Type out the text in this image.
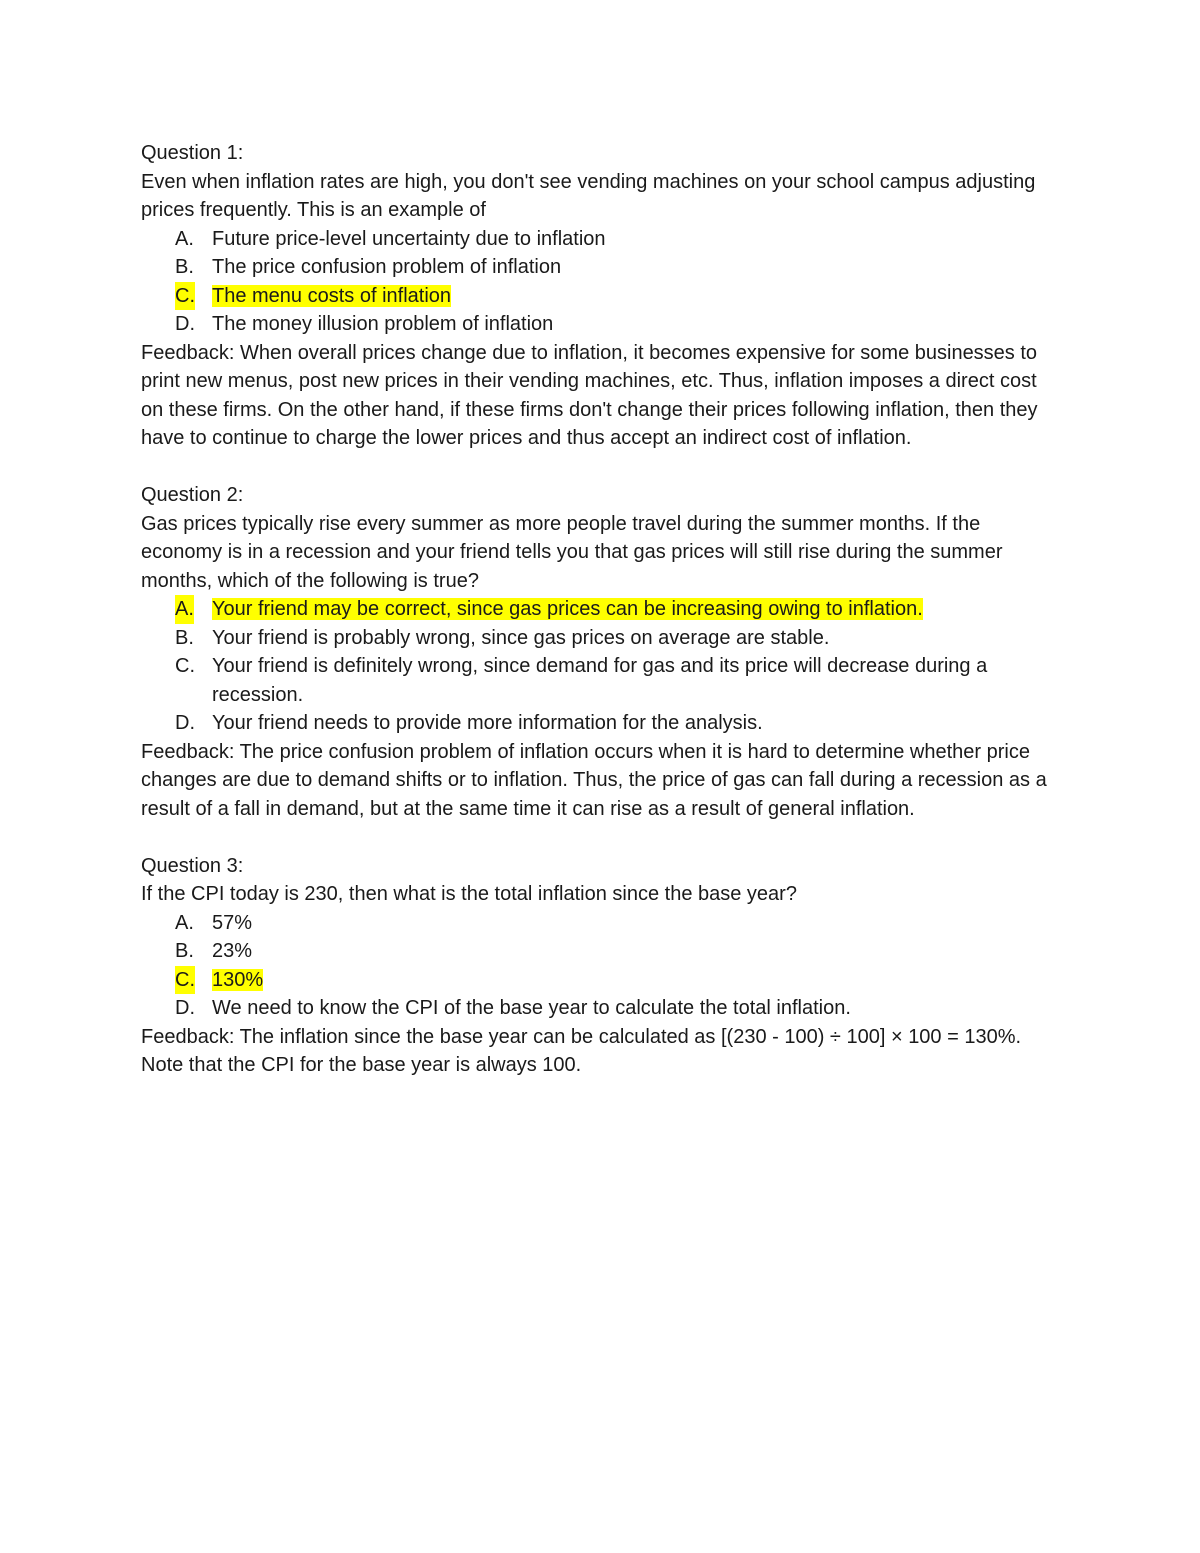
Question 1:

Even when inflation rates are high, you don't see vending machines on your school campus adjusting prices frequently. This is an example of

A. Future price-level uncertainty due to inflation
B. The price confusion problem of inflation
C. The menu costs of inflation
D. The money illusion problem of inflation

Feedback: When overall prices change due to inflation, it becomes expensive for some businesses to print new menus, post new prices in their vending machines, etc. Thus, inflation imposes a direct cost on these firms. On the other hand, if these firms don't change their prices following inflation, then they have to continue to charge the lower prices and thus accept an indirect cost of inflation.

Question 2:

Gas prices typically rise every summer as more people travel during the summer months. If the economy is in a recession and your friend tells you that gas prices will still rise during the summer months, which of the following is true?

A. Your friend may be correct, since gas prices can be increasing owing to inflation.
B. Your friend is probably wrong, since gas prices on average are stable.
C. Your friend is definitely wrong, since demand for gas and its price will decrease during a recession.
D. Your friend needs to provide more information for the analysis.

Feedback: The price confusion problem of inflation occurs when it is hard to determine whether price changes are due to demand shifts or to inflation. Thus, the price of gas can fall during a recession as a result of a fall in demand, but at the same time it can rise as a result of general inflation.

Question 3:

If the CPI today is 230, then what is the total inflation since the base year?

A. 57%
B. 23%
C. 130%
D. We need to know the CPI of the base year to calculate the total inflation.

Feedback: The inflation since the base year can be calculated as [(230 - 100) ÷ 100] × 100 = 130%. Note that the CPI for the base year is always 100.
